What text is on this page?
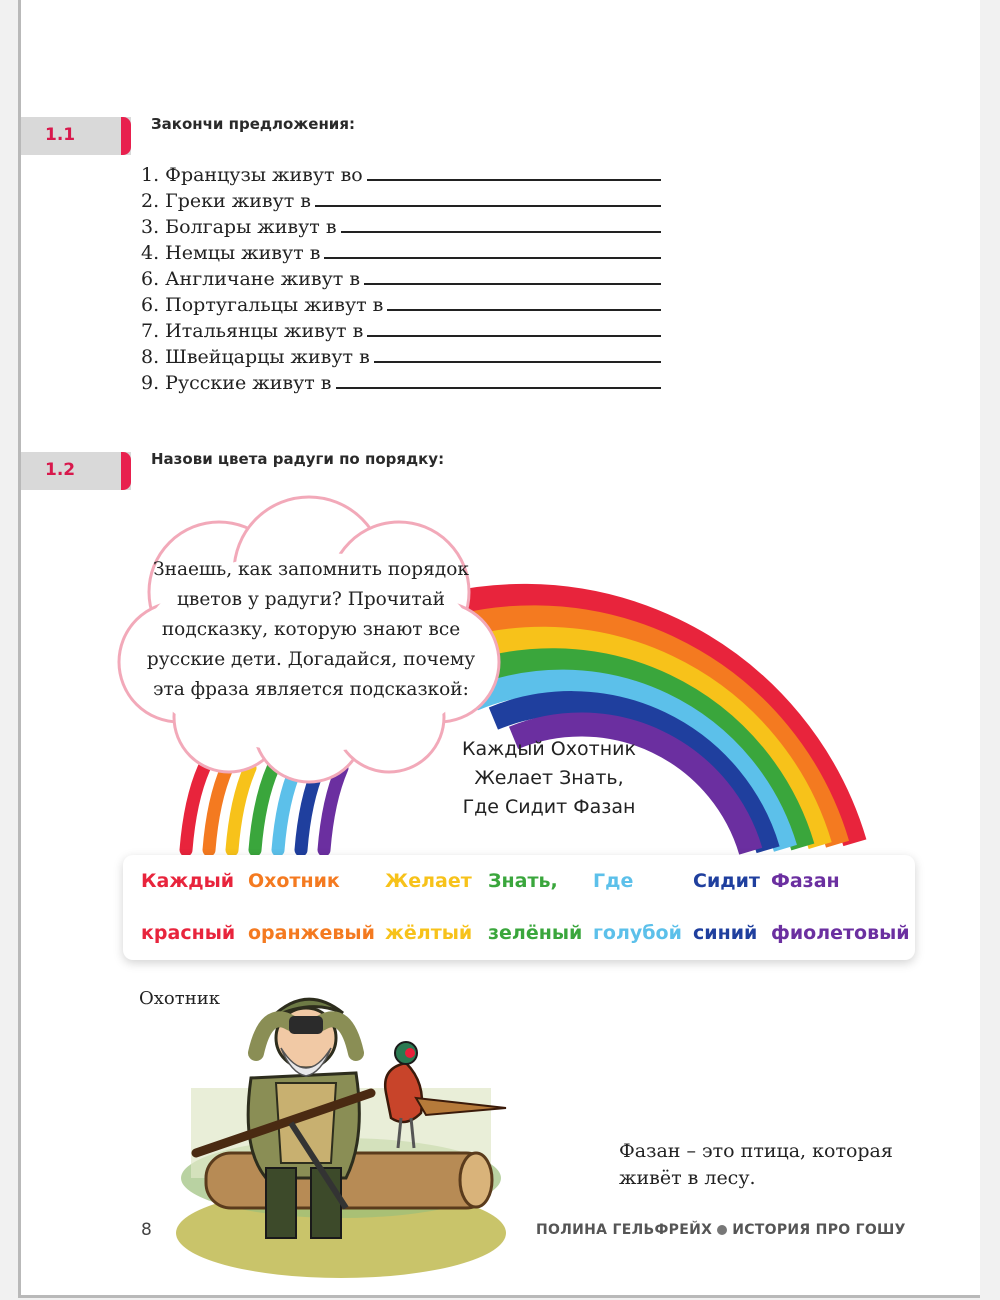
1.1
Закончи предложения:
1. Французы живут во
2. Греки живут в
3. Болгары живут в
4. Немцы живут в
6. Англичане живут в
6. Португальцы живут в
7. Итальянцы живут в
8. Швейцарцы живут в
9. Русские живут в
1.2
Назови цвета радуги по порядку:
Знаешь, как запомнить порядок цветов у радуги? Прочитай подсказку, которую знают все русские дети. Догадайся, почему эта фраза является подсказкой:
Каждый Охотник
Желает Знать,
Где Сидит Фазан
Каждый
красный
Охотник
оранжевый
Желает
жёлтый
Знать,
зелёный
Где
голубой
Сидит
синий
Фазан
фиолетовый
Охотник
Фазан – это птица, которая живёт в лесу.
8	ПОЛИНА ГЕЛЬФРЕЙХ ИСТОРИЯ ПРО ГОШУ
